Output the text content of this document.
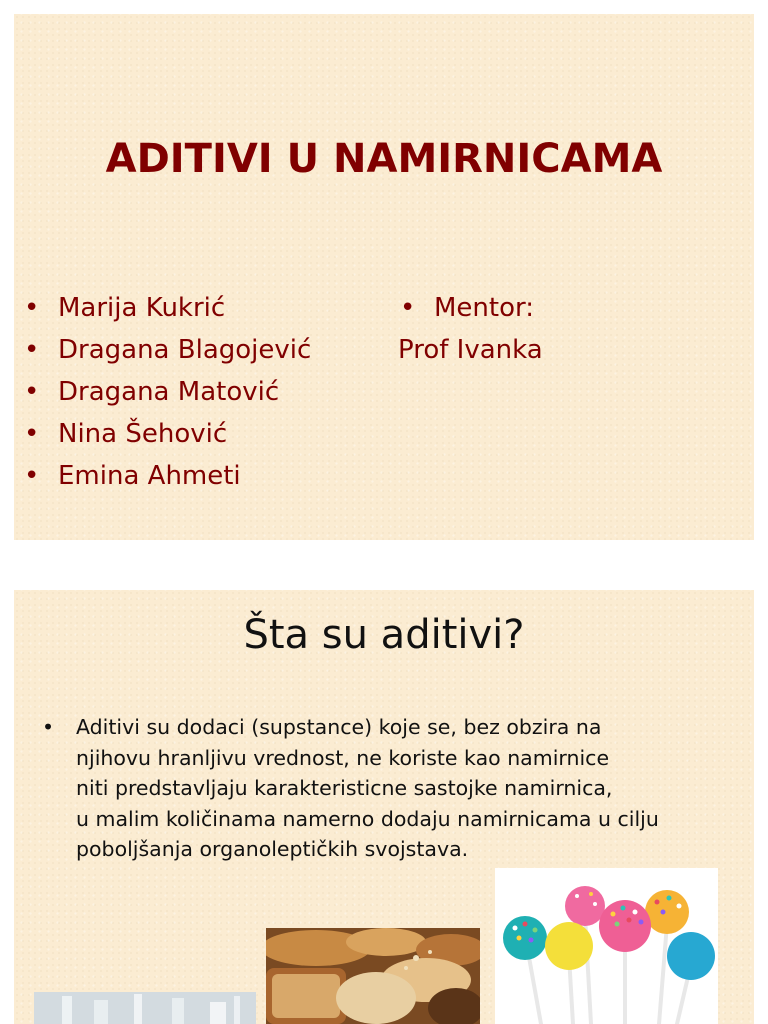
ADITIVI U NAMIRNICAMA
• Marija Kukrić
• Dragana Blagojević
• Dragana Matović
• Nina Šehović
• Emina Ahmeti
• Mentor:
Prof Ivanka
Šta su aditivi?
•	Aditivi su dodaci (supstance) koje se, bez obzira na
njihovu hranljivu vrednost, ne koriste kao namirnice
niti predstavljaju karakteristicne sastojke namirnica,
u malim količinama namerno dodaju namirnicama u cilju
poboljšanja organoleptičkih svojstava.
